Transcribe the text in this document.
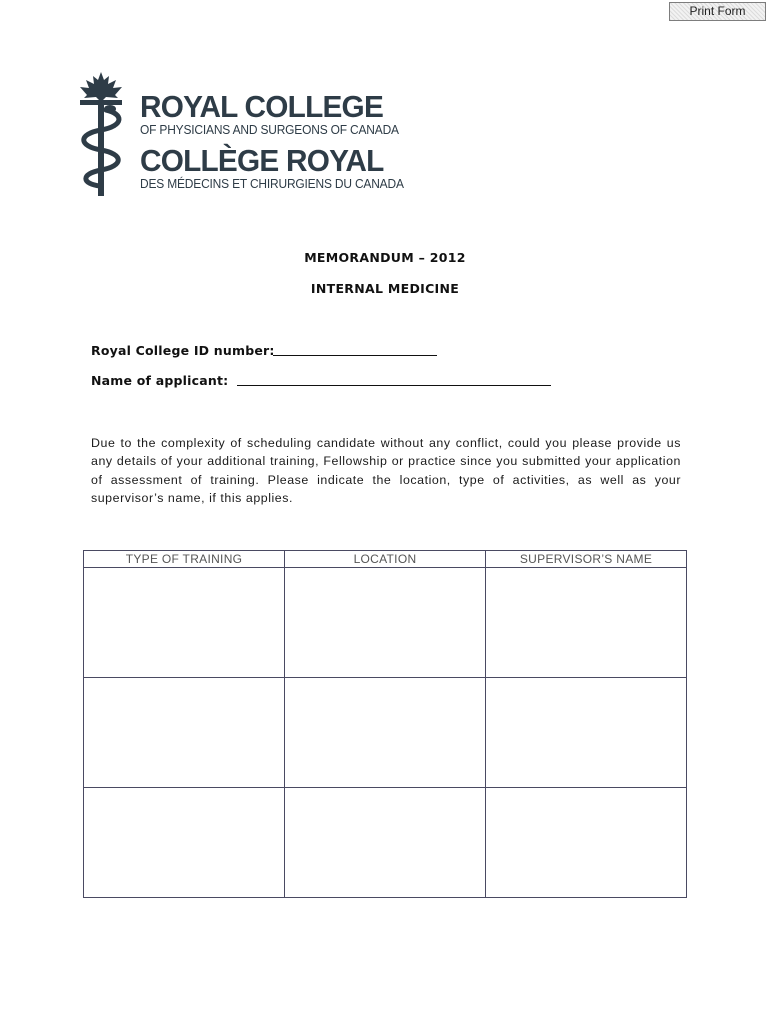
Print Form
ROYAL COLLEGE
OF PHYSICIANS AND SURGEONS OF CANADA
COLLÈGE ROYAL
DES MÉDECINS ET CHIRURGIENS DU CANADA
MEMORANDUM – 2012
INTERNAL MEDICINE
Royal College ID number:
Name of applicant:
Due to the complexity of scheduling candidate without any conflict, could you please provide us any details of your additional training, Fellowship or practice since you submitted your application of assessment of training. Please indicate the location, type of activities, as well as your supervisor’s name, if this applies.
TYPE OF TRAINING	LOCATION	SUPERVISOR’S NAME
